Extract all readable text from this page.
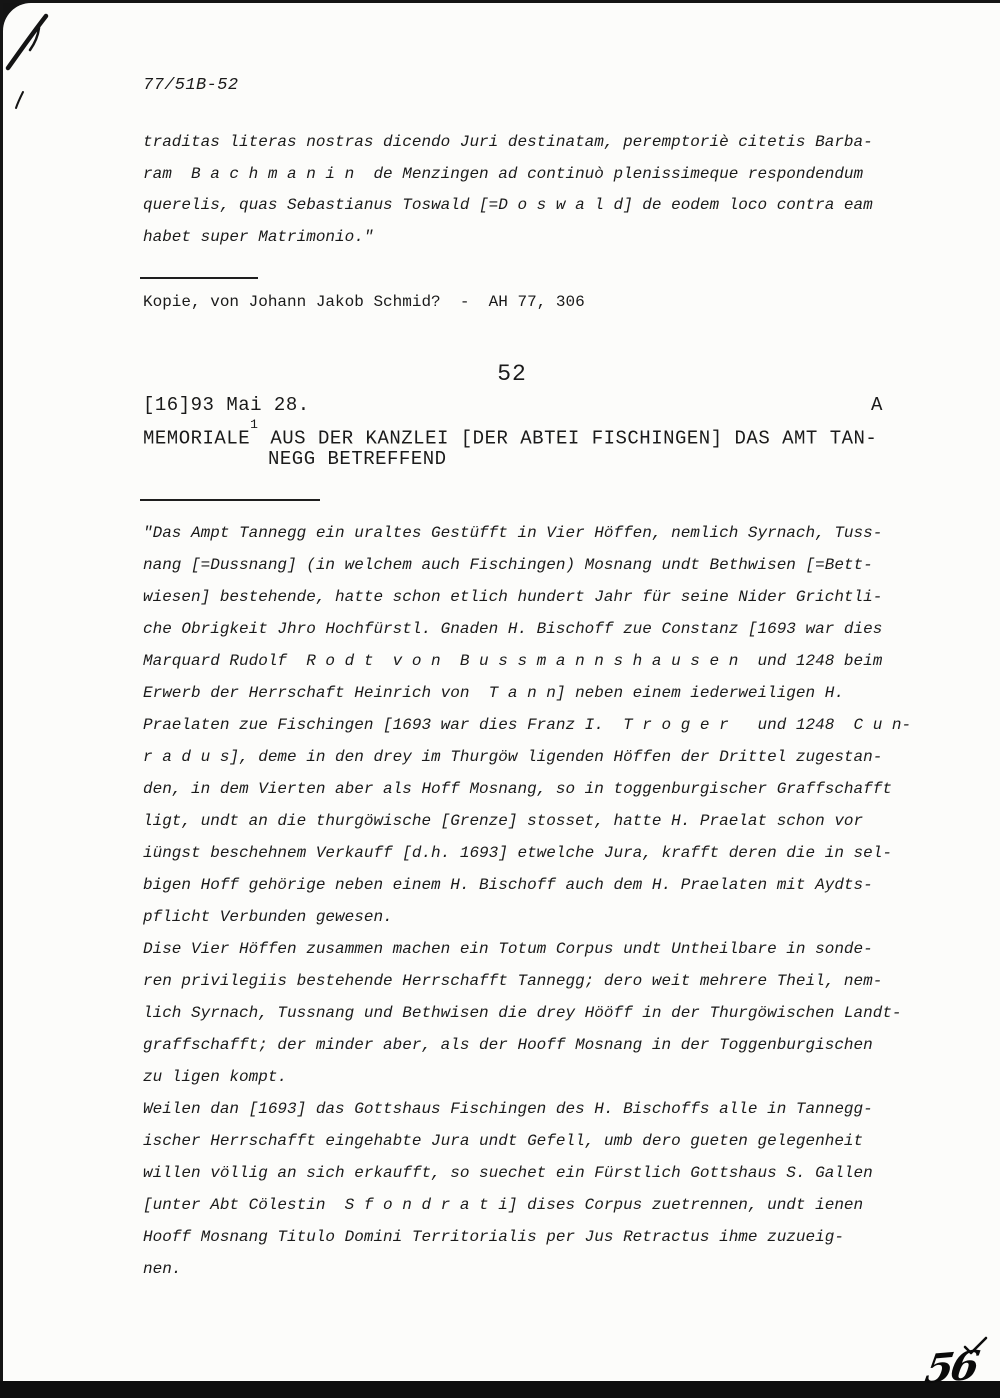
77/51B-52
traditas literas nostras dicendo Juri destinatam, peremptoriè citetis Barba-
ram  B a c h m a n i n  de Menzingen ad continuò plenissimeque respondendum
querelis, quas Sebastianus Toswald [=D o s w a l d] de eodem loco contra eam
habet super Matrimonio."
Kopie, von Johann Jakob Schmid?  -  AH 77, 306
52
[16]93 Mai 28.	A
MEMORIALE$^1$ AUS DER KANZLEI [DER ABTEI FISCHINGEN] DAS AMT TAN-
NEGG BETREFFEND
"Das Ampt Tannegg ein uraltes Gestüfft in Vier Höffen, nemlich Syrnach, Tuss-
nang [=Dussnang] (in welchem auch Fischingen) Mosnang undt Bethwisen [=Bett-
wiesen] bestehende, hatte schon etlich hundert Jahr für seine Nider Grichtli-
che Obrigkeit Jhro Hochfürstl. Gnaden H. Bischoff zue Constanz [1693 war dies
Marquard Rudolf  R o d t  v o n  B u s s m a n n s h a u s e n  und 1248 beim
Erwerb der Herrschaft Heinrich von  T a n n] neben einem iederweiligen H.
Praelaten zue Fischingen [1693 war dies Franz I.  T r o g e r   und 1248  C u n-
r a d u s], deme in den drey im Thurgöw ligenden Höffen der Drittel zugestan-
den, in dem Vierten aber als Hoff Mosnang, so in toggenburgischer Graffschafft
ligt, undt an die thurgöwische [Grenze] stosset, hatte H. Praelat schon vor
iüngst beschehnem Verkauff [d.h. 1693] etwelche Jura, krafft deren die in sel-
bigen Hoff gehörige neben einem H. Bischoff auch dem H. Praelaten mit Aydts-
pflicht Verbunden gewesen.
Dise Vier Höffen zusammen machen ein Totum Corpus undt Untheilbare in sonde-
ren privilegiis bestehende Herrschafft Tannegg; dero weit mehrere Theil, nem-
lich Syrnach, Tussnang und Bethwisen die drey Hööff in der Thurgöwischen Landt-
graffschafft; der minder aber, als der Hooff Mosnang in der Toggenburgischen
zu ligen kompt.
Weilen dan [1693] das Gottshaus Fischingen des H. Bischoffs alle in Tannegg-
ischer Herrschafft eingehabte Jura undt Gefell, umb dero gueten gelegenheit
willen völlig an sich erkaufft, so suechet ein Fürstlich Gottshaus S. Gallen
[unter Abt Cölestin  S f o n d r a t i] dises Corpus zuetrennen, undt ienen
Hooff Mosnang Titulo Domini Territorialis per Jus Retractus ihme zuzueig-
nen.
56
